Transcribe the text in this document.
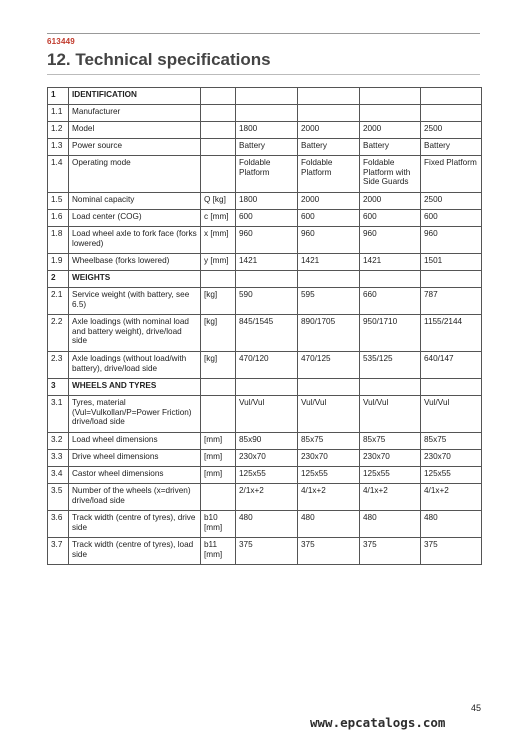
613449
12. Technical specifications
1	IDENTIFICATION					
1.1	Manufacturer					
1.2	Model		1800	2000	2000	2500
1.3	Power source		Battery	Battery	Battery	Battery
1.4	Operating mode		Foldable Platform	Foldable Platform	Foldable Platform with Side Guards	Fixed Platform
1.5	Nominal capacity	Q [kg]	1800	2000	2000	2500
1.6	Load center (COG)	c [mm]	600	600	600	600
1.8	Load wheel axle to fork face (forks lowered)	x [mm]	960	960	960	960
1.9	Wheelbase (forks lowered)	y [mm]	1421	1421	1421	1501
2	WEIGHTS					
2.1	Service weight (with battery, see 6.5)	[kg]	590	595	660	787
2.2	Axle loadings (with nominal load and battery weight), drive/load side	[kg]	845/1545	890/1705	950/1710	1155/2144
2.3	Axle loadings (without load/with battery), drive/load side	[kg]	470/120	470/125	535/125	640/147
3	WHEELS AND TYRES					
3.1	Tyres, material (Vul=Vulkollan/P=Power Friction) drive/load side		Vul/Vul	Vul/Vul	Vul/Vul	Vul/Vul
3.2	Load wheel dimensions	[mm]	85x90	85x75	85x75	85x75
3.3	Drive wheel dimensions	[mm]	230x70	230x70	230x70	230x70
3.4	Castor wheel dimensions	[mm]	125x55	125x55	125x55	125x55
3.5	Number of the wheels (x=driven) drive/load side		2/1x+2	4/1x+2	4/1x+2	4/1x+2
3.6	Track width (centre of tyres), drive side	b10 [mm]	480	480	480	480
3.7	Track width (centre of tyres), load side	b11 [mm]	375	375	375	375
45
www.epcatalogs.com
